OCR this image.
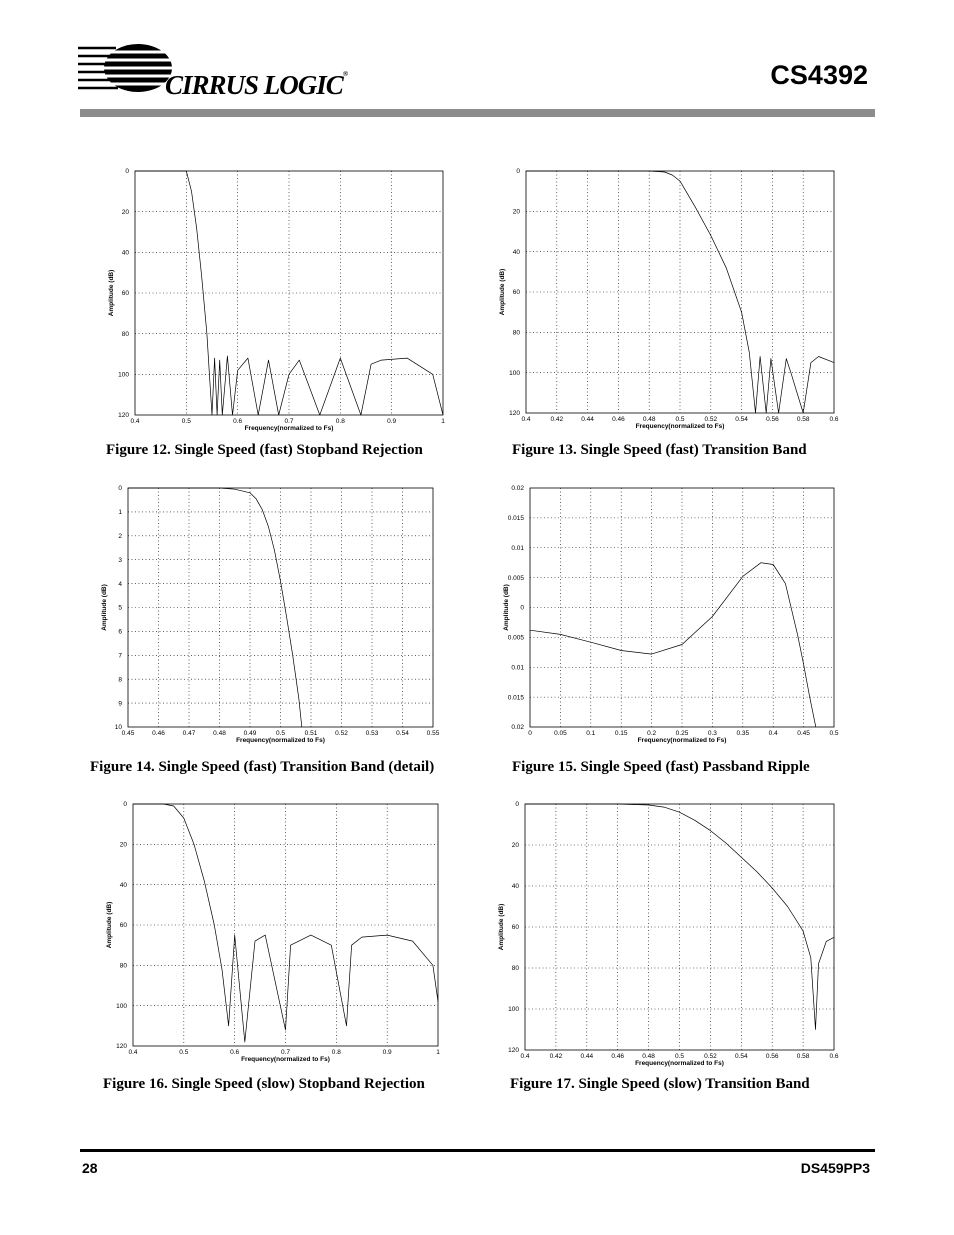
CIRRUS LOGIC®	CS4392
0.4	0.5	0.6	0.7	0.8	0.9	1
0
20
40
60
80
100
120
Frequency(normalized to Fs)
Amplitude (dB)
Figure 12. Single Speed (fast) Stopband Rejection
0.4	0.42	0.44	0.46	0.48	0.5	0.52	0.54	0.56	0.58	0.6
0
20
40
60
80
100
120
Frequency(normalized to Fs)
Amplitude (dB)
Figure 13. Single Speed (fast) Transition Band
0.45	0.46	0.47	0.48	0.49	0.5	0.51	0.52	0.53	0.54	0.55
0
1
2
3
4
5
6
7
8
9
10
Frequency(normalized to Fs)
Amplitude (dB)
Figure 14. Single Speed (fast) Transition Band (detail)
0	0.05	0.1	0.15	0.2	0.25	0.3	0.35	0.4	0.45	0.5
0.02
0.015
0.01
0.005
0
0.005
0.01
0.015
0.02
Frequency(normalized to Fs)
Amplitude (dB)
Figure 15. Single Speed (fast) Passband Ripple
0.4	0.5	0.6	0.7	0.8	0.9	1
0
20
40
60
80
100
120
Frequency(normalized to Fs)
Amplitude (dB)
Figure 16. Single Speed (slow) Stopband Rejection
0.4	0.42	0.44	0.46	0.48	0.5	0.52	0.54	0.56	0.58	0.6
0
20
40
60
80
100
120
Frequency(normalized to Fs)
Amplitude (dB)
Figure 17. Single Speed (slow) Transition Band
28	DS459PP3
